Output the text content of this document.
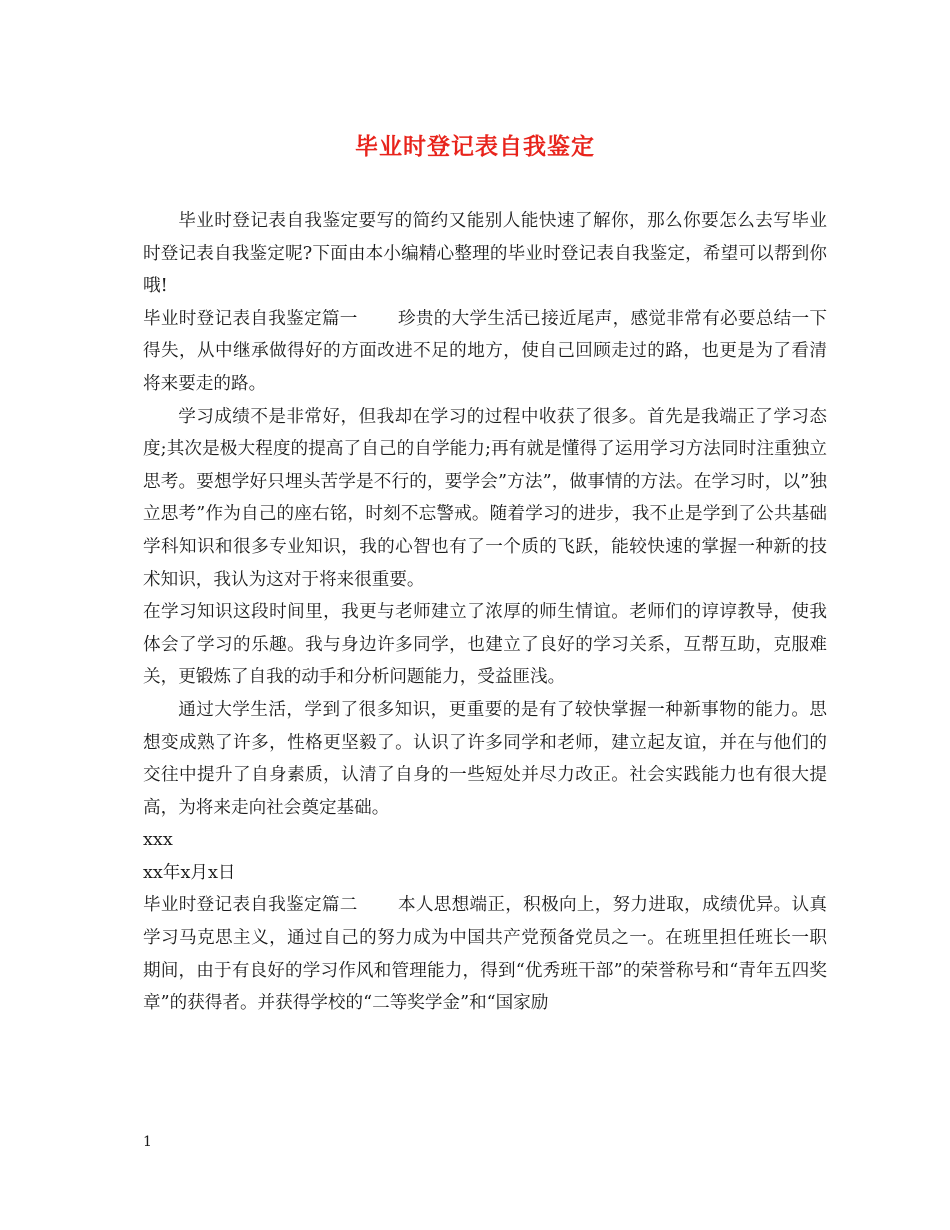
毕业时登记表自我鉴定

毕业时登记表自我鉴定要写的简约又能别人能快速了解你，那么你要怎么去写毕业时登记表自我鉴定呢?下面由本小编精心整理的毕业时登记表自我鉴定，希望可以帮到你哦!

毕业时登记表自我鉴定篇一 珍贵的大学生活已接近尾声，感觉非常有必要总结一下得失，从中继承做得好的方面改进不足的地方，使自己回顾走过的路，也更是为了看清将来要走的路。

学习成绩不是非常好，但我却在学习的过程中收获了很多。首先是我端正了学习态度;其次是极大程度的提高了自己的自学能力;再有就是懂得了运用学习方法同时注重独立思考。要想学好只埋头苦学是不行的，要学会”方法”，做事情的方法。在学习时，以”独立思考”作为自己的座右铭，时刻不忘警戒。随着学习的进步，我不止是学到了公共基础学科知识和很多专业知识，我的心智也有了一个质的飞跃，能较快速的掌握一种新的技术知识，我认为这对于将来很重要。

在学习知识这段时间里，我更与老师建立了浓厚的师生情谊。老师们的谆谆教导，使我体会了学习的乐趣。我与身边许多同学，也建立了良好的学习关系，互帮互助，克服难关，更锻炼了自我的动手和分析问题能力，受益匪浅。

通过大学生活，学到了很多知识，更重要的是有了较快掌握一种新事物的能力。思想变成熟了许多，性格更坚毅了。认识了许多同学和老师，建立起友谊，并在与他们的交往中提升了自身素质，认清了自身的一些短处并尽力改正。社会实践能力也有很大提高，为将来走向社会奠定基础。

xxx

xx年x月x日

毕业时登记表自我鉴定篇二 本人思想端正，积极向上，努力进取，成绩优异。认真学习马克思主义，通过自己的努力成为中国共产党预备党员之一。在班里担任班长一职期间，由于有良好的学习作风和管理能力，得到“优秀班干部”的荣誉称号和“青年五四奖章”的获得者。并获得学校的“二等奖学金”和“国家励

1
